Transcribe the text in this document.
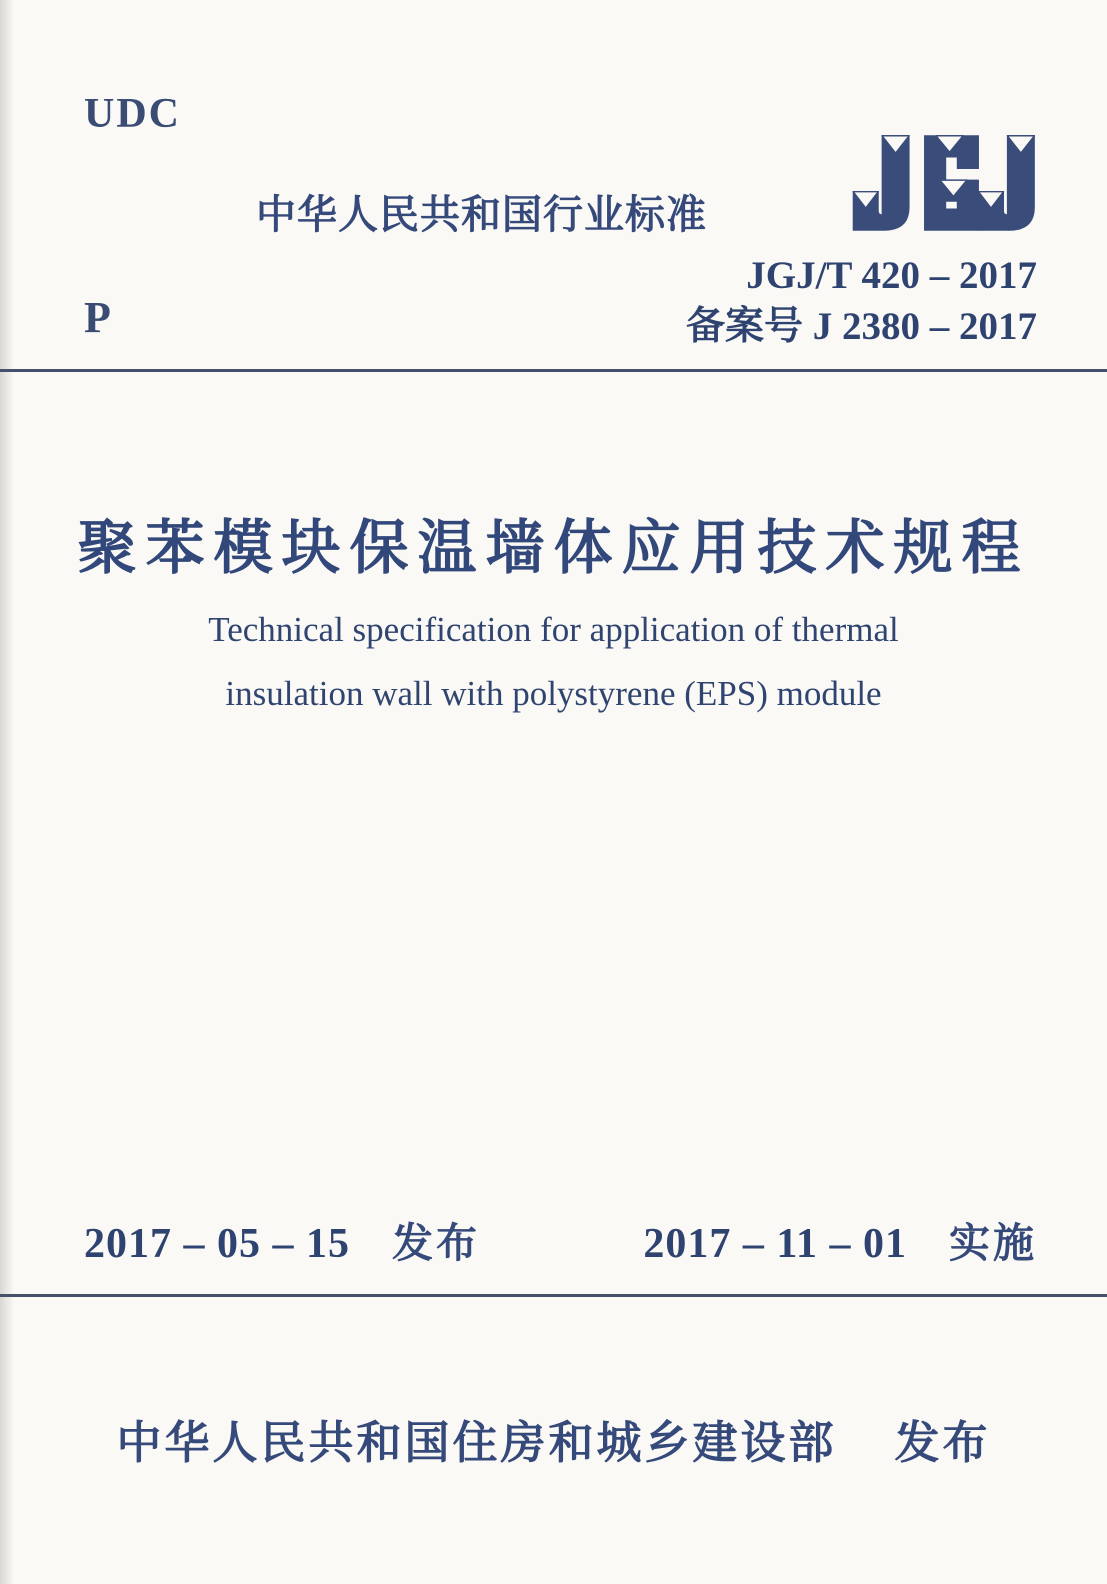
UDC
中华人民共和国行业标准
JGJ/T 420 – 2017
备案号 J 2380 – 2017
P
聚苯模块保温墙体应用技术规程
Technical specification for application of thermal
insulation wall with polystyrene (EPS) module
2017 – 05 – 15 发布	2017 – 11 – 01 实施
中华人民共和国住房和城乡建设部 发布
